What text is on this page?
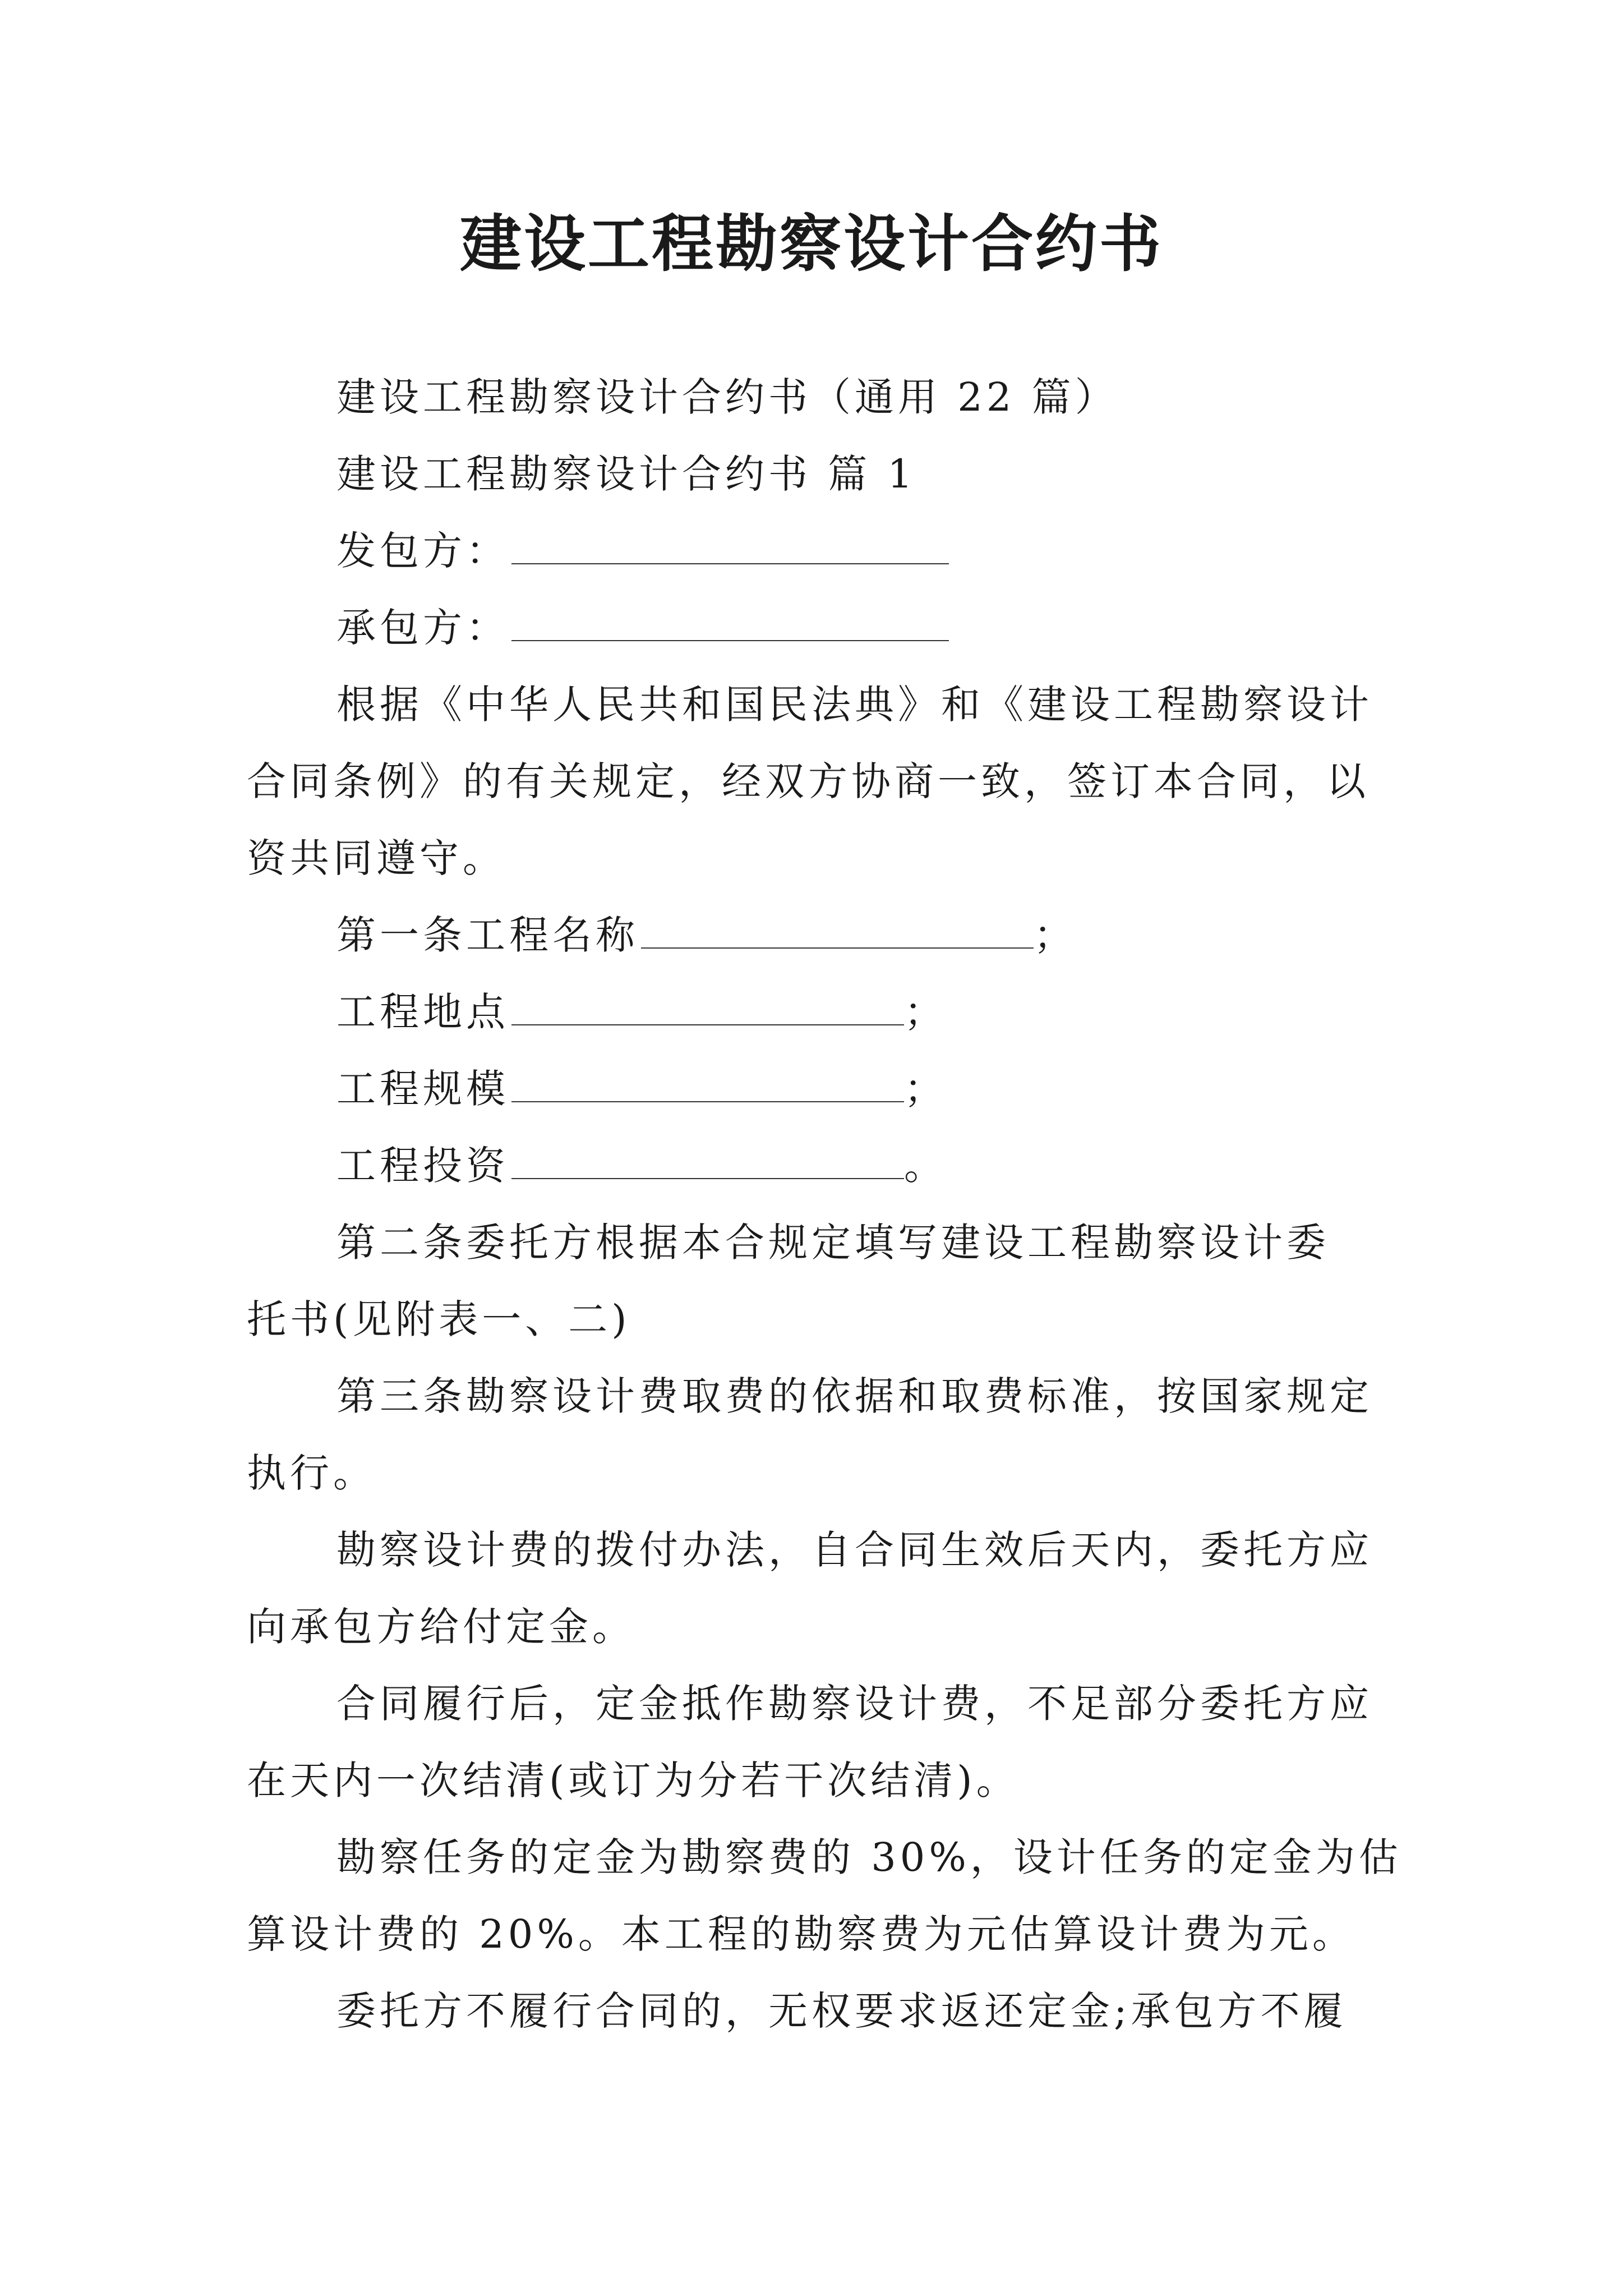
建设工程勘察设计合约书
建设工程勘察设计合约书（通用 22 篇）
建设工程勘察设计合约书 篇 1
发包方：
承包方：
根据《中华人民共和国民法典》和《建设工程勘察设计
合同条例》的有关规定，经双方协商一致，签订本合同，以
资共同遵守。
第一条工程名称	；
工程地点	；
工程规模	；
工程投资	。
第二条委托方根据本合规定填写建设工程勘察设计委
托书(见附表一、二)
第三条勘察设计费取费的依据和取费标准，按国家规定
执行。
勘察设计费的拨付办法，自合同生效后天内，委托方应
向承包方给付定金。
合同履行后，定金抵作勘察设计费，不足部分委托方应
在天内一次结清(或订为分若干次结清)。
勘察任务的定金为勘察费的 30%，设计任务的定金为估
算设计费的 20%。本工程的勘察费为元估算设计费为元。
委托方不履行合同的，无权要求返还定金;承包方不履
